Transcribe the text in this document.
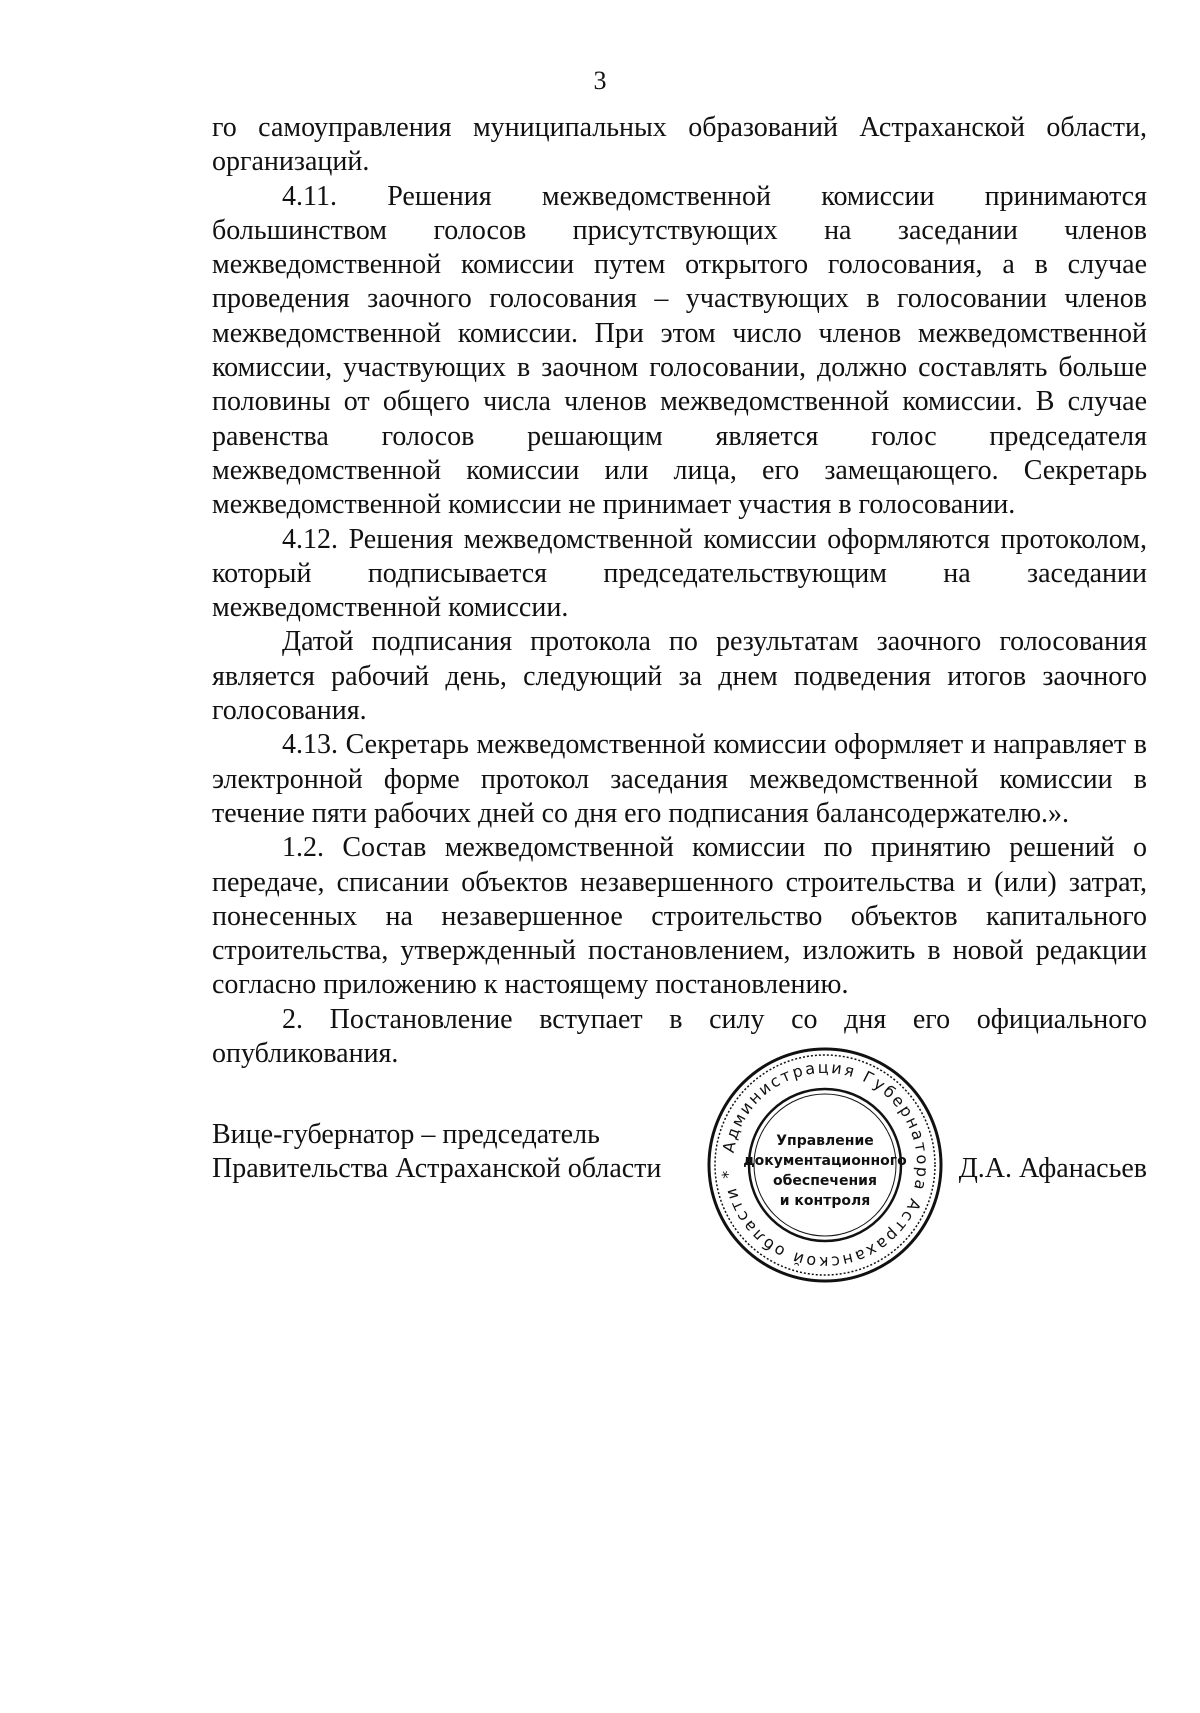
3

го самоуправления муниципальных образований Астраханской области, организаций.

4.11. Решения межведомственной комиссии принимаются большинством голосов присутствующих на заседании членов межведомственной комиссии путем открытого голосования, а в случае проведения заочного голосования – участвующих в голосовании членов межведомственной комиссии. При этом число членов межведомственной комиссии, участвующих в заочном голосовании, должно составлять больше половины от общего числа членов межведомственной комиссии. В случае равенства голосов решающим является голос председателя межведомственной комиссии или лица, его замещающего. Секретарь межведомственной комиссии не принимает участия в голосовании.

4.12. Решения межведомственной комиссии оформляются протоколом, который подписывается председательствующим на заседании межведомственной комиссии.

Датой подписания протокола по результатам заочного голосования является рабочий день, следующий за днем подведения итогов заочного голосования.

4.13. Секретарь межведомственной комиссии оформляет и направляет в электронной форме протокол заседания межведомственной комиссии в течение пяти рабочих дней со дня его подписания балансодержателю.».

1.2. Состав межведомственной комиссии по принятию решений о передаче, списании объектов незавершенного строительства и (или) затрат, понесенных на незавершенное строительство объектов капитального строительства, утвержденный постановлением, изложить в новой редакции согласно приложению к настоящему постановлению.

2. Постановление вступает в силу со дня его официального опубликования.

Вице-губернатор – председатель
Правительства Астраханской области	Д.А. Афанасьев
Администрация Губернатора Астраханской области *
Управление
документационного
обеспечения
и контроля
